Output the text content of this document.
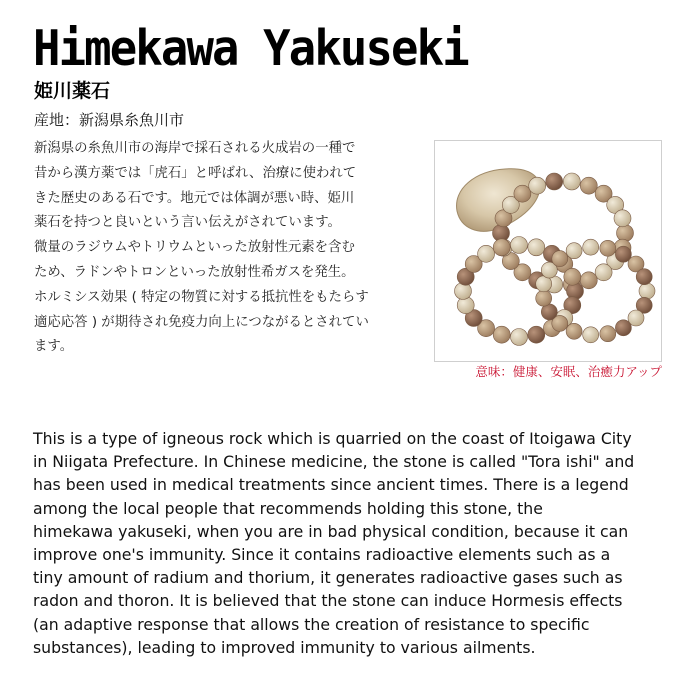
Himekawa Yakuseki
姫川薬石
産地：新潟県糸魚川市
新潟県の糸魚川市の海岸で採石される火成岩の一種で
昔から漢方薬では「虎石」と呼ばれ、治療に使われて
きた歴史のある石です。地元では体調が悪い時、姫川
薬石を持つと良いという言い伝えがされています。
微量のラジウムやトリウムといった放射性元素を含む
ため、ラドンやトロンといった放射性希ガスを発生。
ホルミシス効果 ( 特定の物質に対する抵抗性をもたらす
適応応答 ) が期待され免疫力向上につながるとされてい
ます。
意味：健康、安眠、治癒力アップ
This is a type of igneous rock which is quarried on the coast of Itoigawa City
in Niigata Prefecture. In Chinese medicine, the stone is called "Tora ishi" and
has been used in medical treatments since ancient times. There is a legend
among the local people that recommends holding this stone, the
himekawa yakuseki, when you are in bad physical condition, because it can
improve one's immunity. Since it contains radioactive elements such as a
tiny amount of radium and thorium, it generates radioactive gases such as
radon and thoron. It is believed that the stone can induce Hormesis effects
(an adaptive response that allows the creation of resistance to specific
substances), leading to improved immunity to various ailments.
